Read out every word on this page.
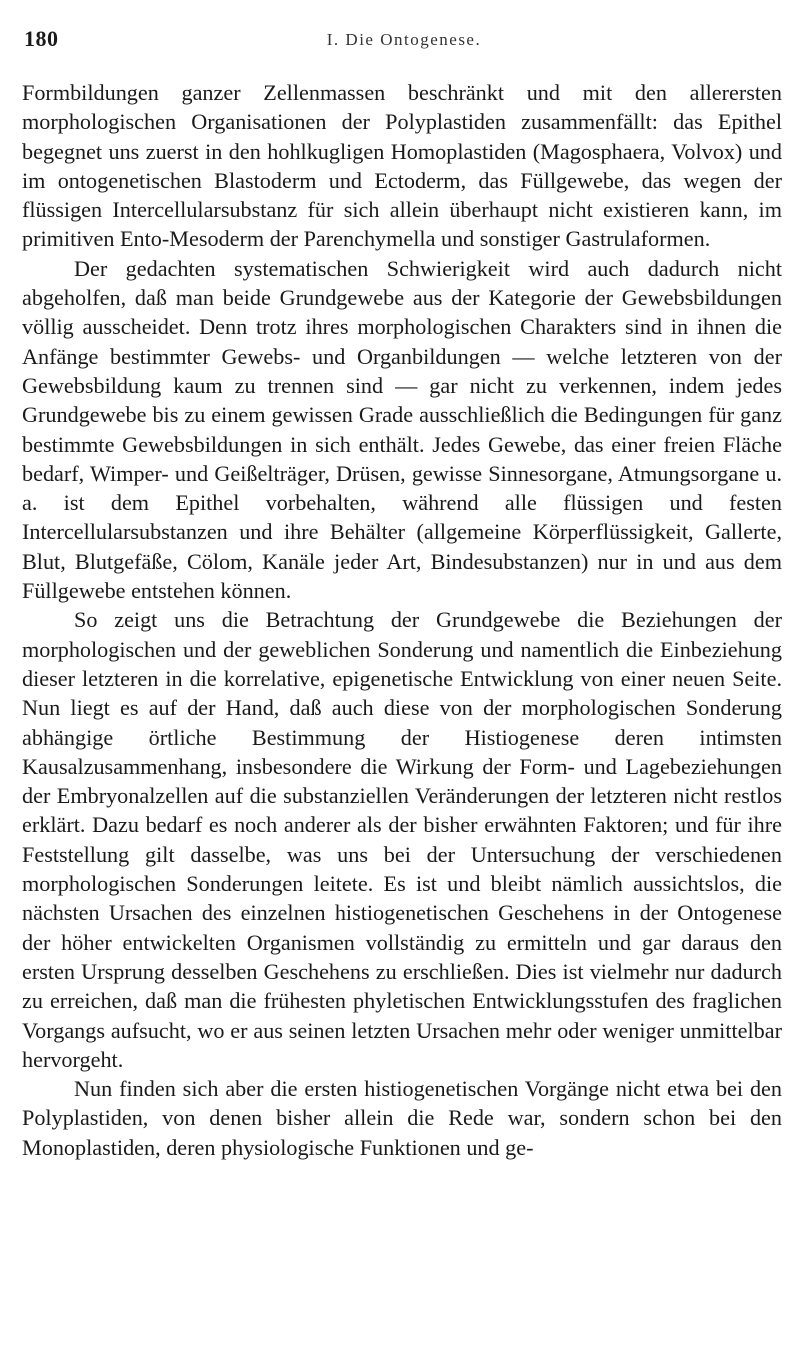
180	I. Die Ontogenese.

Formbildungen ganzer Zellenmassen beschränkt und mit den allerersten morphologischen Organisationen der Polyplastiden zusammenfällt: das Epithel begegnet uns zuerst in den hohlkugligen Homoplastiden (Magosphaera, Volvox) und im ontogenetischen Blastoderm und Ectoderm, das Füllgewebe, das wegen der flüssigen Intercellularsubstanz für sich allein überhaupt nicht existieren kann, im primitiven Ento-Mesoderm der Parenchymella und sonstiger Gastrulaformen.

Der gedachten systematischen Schwierigkeit wird auch dadurch nicht abgeholfen, daß man beide Grundgewebe aus der Kategorie der Gewebsbildungen völlig ausscheidet. Denn trotz ihres morphologischen Charakters sind in ihnen die Anfänge bestimmter Gewebs- und Organbildungen — welche letzteren von der Gewebsbildung kaum zu trennen sind — gar nicht zu verkennen, indem jedes Grundgewebe bis zu einem gewissen Grade ausschließlich die Bedingungen für ganz bestimmte Gewebsbildungen in sich enthält. Jedes Gewebe, das einer freien Fläche bedarf, Wimper- und Geißelträger, Drüsen, gewisse Sinnesorgane, Atmungsorgane u. a. ist dem Epithel vorbehalten, während alle flüssigen und festen Intercellularsubstanzen und ihre Behälter (allgemeine Körperflüssigkeit, Gallerte, Blut, Blutgefäße, Cölom, Kanäle jeder Art, Bindesubstanzen) nur in und aus dem Füllgewebe entstehen können.

So zeigt uns die Betrachtung der Grundgewebe die Beziehungen der morphologischen und der geweblichen Sonderung und namentlich die Einbeziehung dieser letzteren in die korrelative, epigenetische Entwicklung von einer neuen Seite. Nun liegt es auf der Hand, daß auch diese von der morphologischen Sonderung abhängige örtliche Bestimmung der Histiogenese deren intimsten Kausalzusammenhang, insbesondere die Wirkung der Form- und Lagebeziehungen der Embryonalzellen auf die substanziellen Veränderungen der letzteren nicht restlos erklärt. Dazu bedarf es noch anderer als der bisher erwähnten Faktoren; und für ihre Feststellung gilt dasselbe, was uns bei der Untersuchung der verschiedenen morphologischen Sonderungen leitete. Es ist und bleibt nämlich aussichtslos, die nächsten Ursachen des einzelnen histiogenetischen Geschehens in der Ontogenese der höher entwickelten Organismen vollständig zu ermitteln und gar daraus den ersten Ursprung desselben Geschehens zu erschließen. Dies ist vielmehr nur dadurch zu erreichen, daß man die frühesten phyletischen Entwicklungsstufen des fraglichen Vorgangs aufsucht, wo er aus seinen letzten Ursachen mehr oder weniger unmittelbar hervorgeht.

Nun finden sich aber die ersten histiogenetischen Vorgänge nicht etwa bei den Polyplastiden, von denen bisher allein die Rede war, sondern schon bei den Monoplastiden, deren physiologische Funktionen und ge-
